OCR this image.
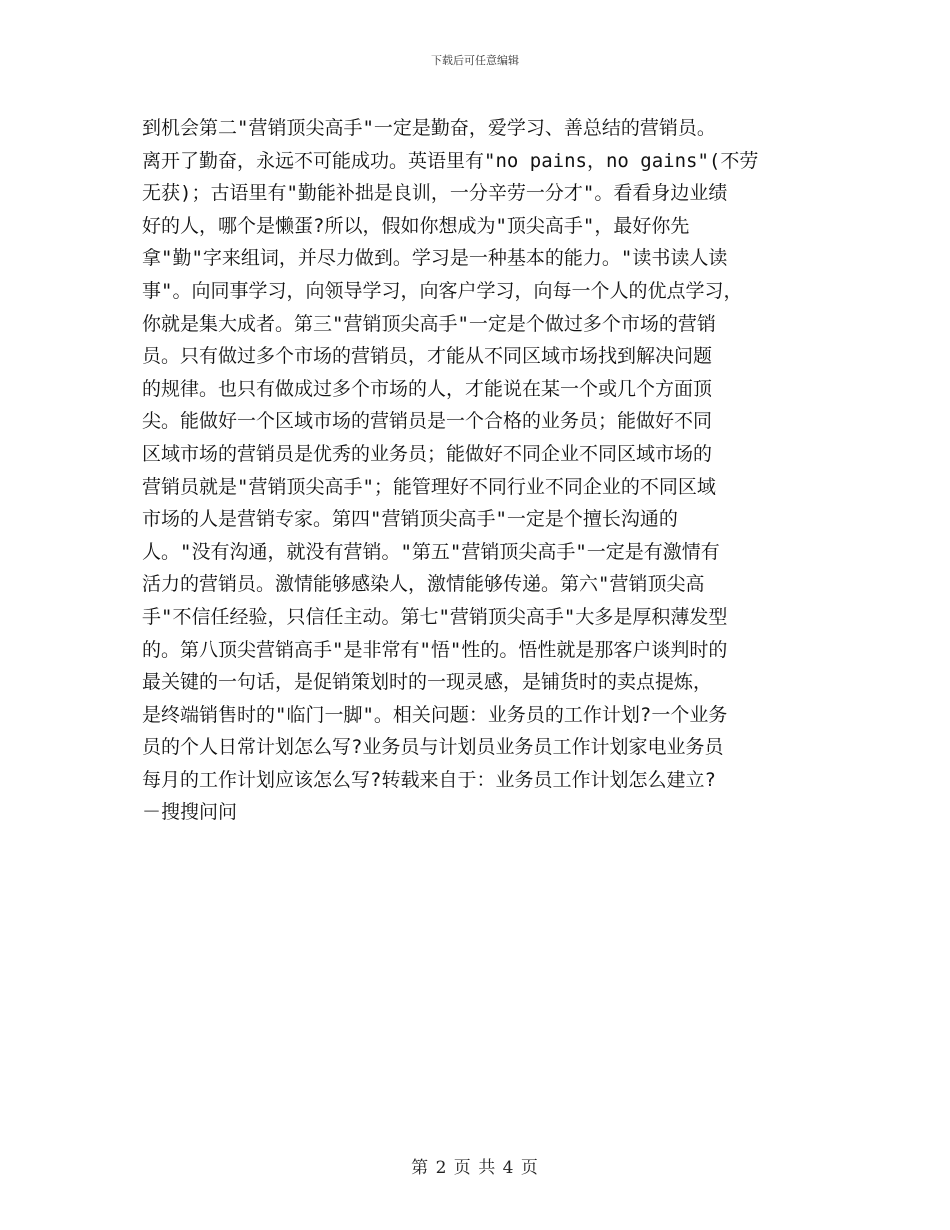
下载后可任意编辑
到机会第二"营销顶尖高手"一定是勤奋，爱学习、善总结的营销员。
离开了勤奋，永远不可能成功。英语里有"no pains，no gains"(不劳
无获)；古语里有"勤能补拙是良训，一分辛劳一分才"。看看身边业绩
好的人，哪个是懒蛋?所以，假如你想成为"顶尖高手"，最好你先
拿"勤"字来组词，并尽力做到。学习是一种基本的能力。"读书读人读
事"。向同事学习，向领导学习，向客户学习，向每一个人的优点学习，
你就是集大成者。第三"营销顶尖高手"一定是个做过多个市场的营销
员。只有做过多个市场的营销员，才能从不同区域市场找到解决问题
的规律。也只有做成过多个市场的人，才能说在某一个或几个方面顶
尖。能做好一个区域市场的营销员是一个合格的业务员；能做好不同
区域市场的营销员是优秀的业务员；能做好不同企业不同区域市场的
营销员就是"营销顶尖高手"；能管理好不同行业不同企业的不同区域
市场的人是营销专家。第四"营销顶尖高手"一定是个擅长沟通的
人。"没有沟通，就没有营销。"第五"营销顶尖高手"一定是有激情有
活力的营销员。激情能够感染人，激情能够传递。第六"营销顶尖高
手"不信任经验，只信任主动。第七"营销顶尖高手"大多是厚积薄发型
的。第八顶尖营销高手"是非常有"悟"性的。悟性就是那客户谈判时的
最关键的一句话，是促销策划时的一现灵感，是铺货时的卖点提炼，
是终端销售时的"临门一脚"。相关问题：业务员的工作计划?一个业务
员的个人日常计划怎么写?业务员与计划员业务员工作计划家电业务员
每月的工作计划应该怎么写?转载来自于：业务员工作计划怎么建立?
－搜搜问问
第 2 页 共 4 页
